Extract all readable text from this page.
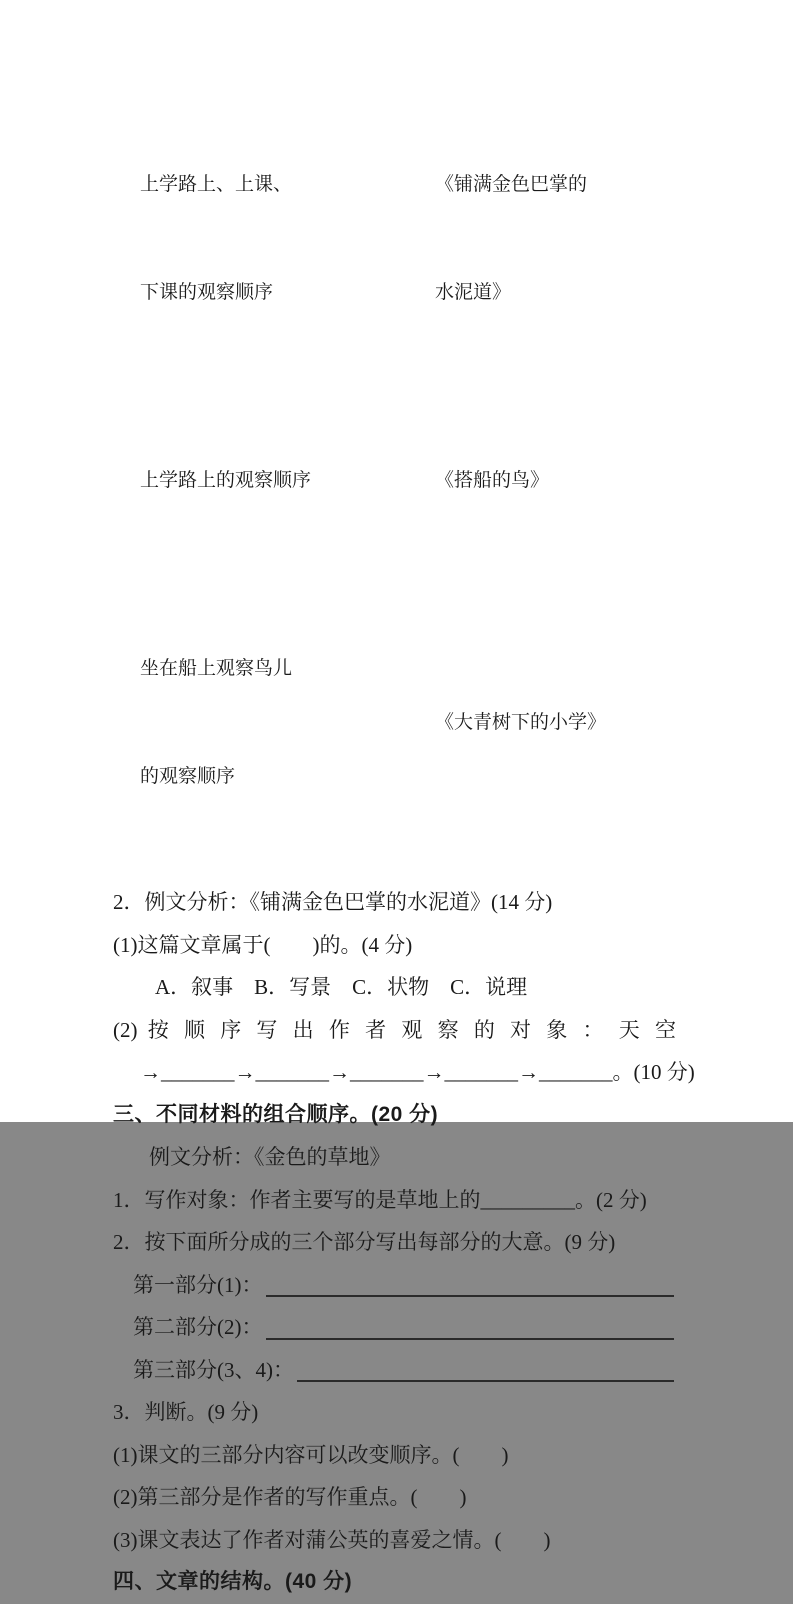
上学路上、上课、

下课的观察顺序

《铺满金色巴掌的

水泥道》

上学路上的观察顺序

	《搭船的鸟》

坐在船上观察鸟儿

的观察顺序

《大青树下的小学》

2．例文分析：《铺满金色巴掌的水泥道》(14 分)
(1)这篇文章属于(　　)的。(4 分)
A．叙事　B．写景　C．状物　C．说理
(2) 按 顺 序 写 出 作 者 观 察 的 对 象 ： 天 空
→_______→_______→_______→_______→_______。(10 分)
三、不同材料的组合顺序。(20 分)
例文分析：《金色的草地》
1．写作对象：作者主要写的是草地上的_________。(2 分)
2．按下面所分成的三个部分写出每部分的大意。(9 分)
第一部分(1)：
第二部分(2)：
第三部分(3、4)：
3．判断。(9 分)
(1)课文的三部分内容可以改变顺序。(　　)
(2)第三部分是作者的写作重点。(　　)
(3)课文表达了作者对蒲公英的喜爱之情。(　　)
四、文章的结构。(40 分)
